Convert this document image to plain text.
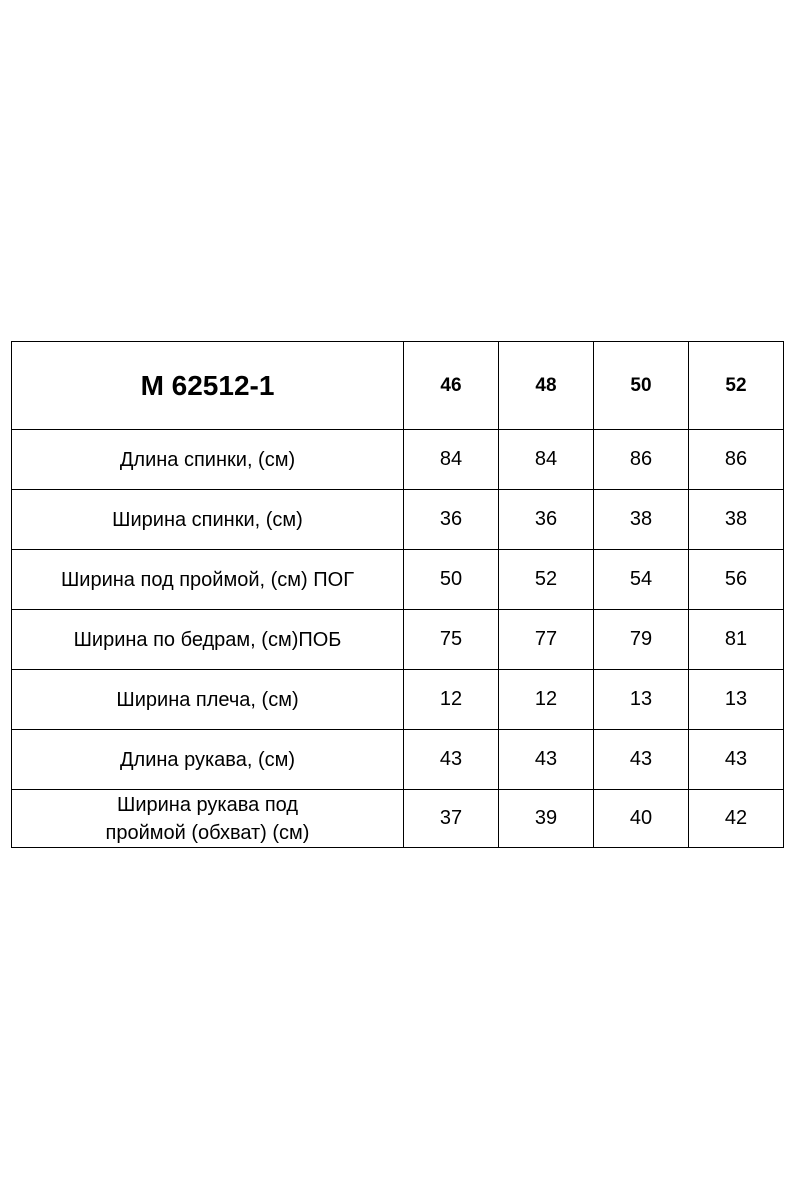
M 62512-1	46	48	50	52
Длина спинки, (см)	84	84	86	86
Ширина спинки, (см)	36	36	38	38
Ширина под проймой, (см) ПОГ	50	52	54	56
Ширина по бедрам, (см)ПОБ	75	77	79	81
Ширина плеча, (см)	12	12	13	13
Длина рукава, (см)	43	43	43	43

Ширина рукава под
проймой (обхват) (см)	37	39	40	42
